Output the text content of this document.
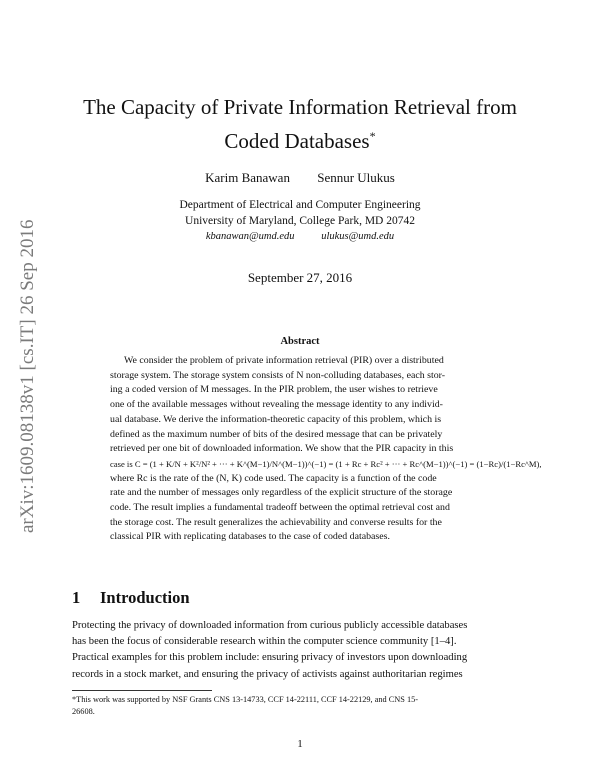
arXiv:1609.08138v1 [cs.IT] 26 Sep 2016
The Capacity of Private Information Retrieval from
Coded Databases*
Karim Banawan Sennur Ulukus
Department of Electrical and Computer Engineering
University of Maryland, College Park, MD 20742
kbanawan@umd.edu	ulukus@umd.edu
September 27, 2016
Abstract
We consider the problem of private information retrieval (PIR) over a distributed
storage system. The storage system consists of N non-colluding databases, each stor-
ing a coded version of M messages. In the PIR problem, the user wishes to retrieve
one of the available messages without revealing the message identity to any individ-
ual database. We derive the information-theoretic capacity of this problem, which is
defined as the maximum number of bits of the desired message that can be privately
retrieved per one bit of downloaded information. We show that the PIR capacity in this
case is C = (1 + K/N + K²/N² + ··· + K^(M−1)/N^(M−1))^(−1) = (1 + Rc + Rc² + ··· + Rc^(M−1))^(−1) = (1−Rc)/(1−Rc^M),
where Rc is the rate of the (N, K) code used. The capacity is a function of the code
rate and the number of messages only regardless of the explicit structure of the storage
code. The result implies a fundamental tradeoff between the optimal retrieval cost and
the storage cost. The result generalizes the achievability and converse results for the
classical PIR with replicating databases to the case of coded databases.
1 Introduction
Protecting the privacy of downloaded information from curious publicly accessible databases
has been the focus of considerable research within the computer science community [1–4].
Practical examples for this problem include: ensuring privacy of investors upon downloading
records in a stock market, and ensuring the privacy of activists against authoritarian regimes
*This work was supported by NSF Grants CNS 13-14733, CCF 14-22111, CCF 14-22129, and CNS 15-
26608.
1
